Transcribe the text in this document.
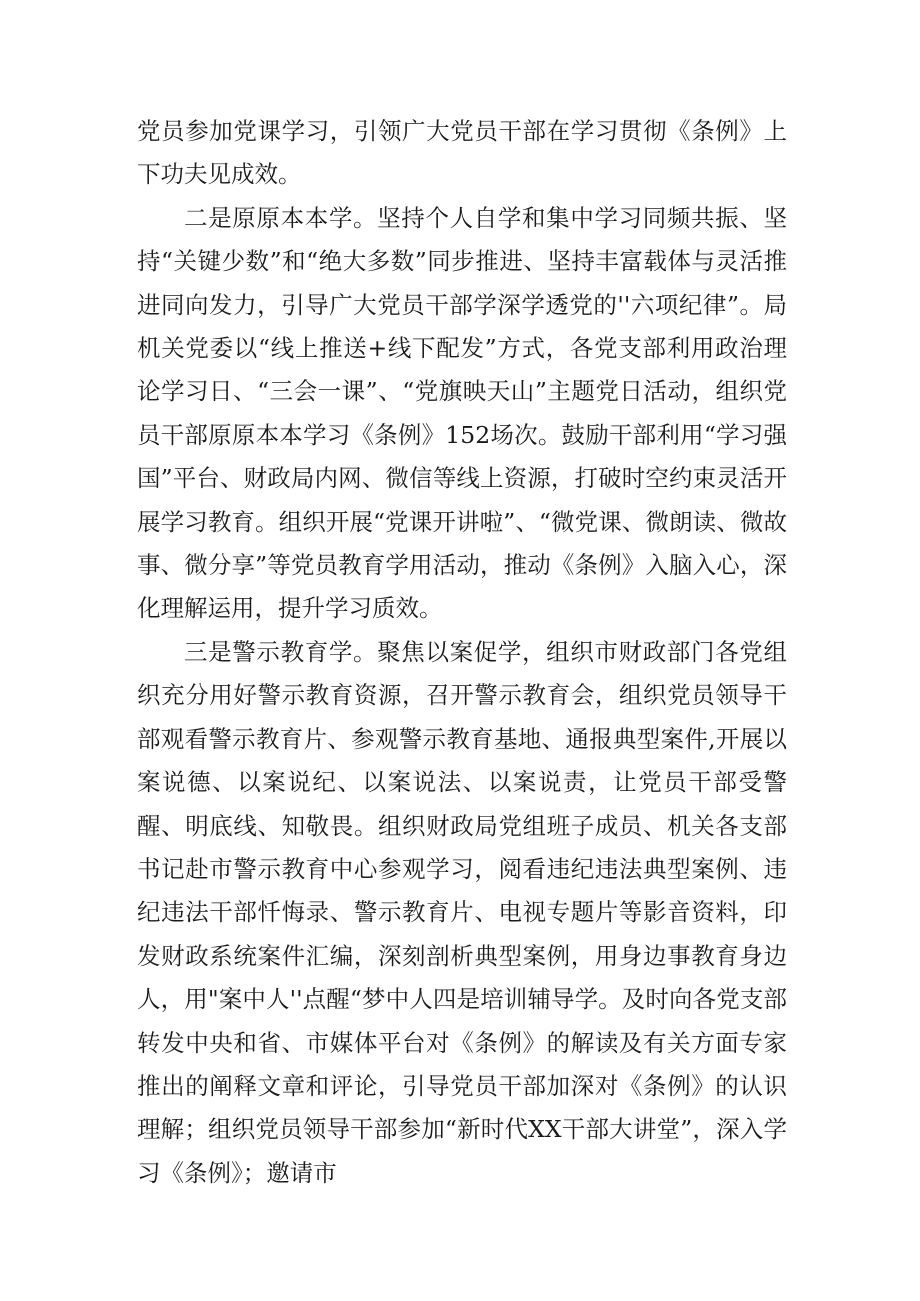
党员参加党课学习，引领广大党员干部在学习贯彻《条例》上下功夫见成效。

二是原原本本学。坚持个人自学和集中学习同频共振、坚持“关键少数”和“绝大多数”同步推进、坚持丰富载体与灵活推进同向发力，引导广大党员干部学深学透党的''六项纪律”。局机关党委以“线上推送+线下配发”方式，各党支部利用政治理论学习日、“三会一课”、“党旗映天山”主题党日活动，组织党员干部原原本本学习《条例》152场次。鼓励干部利用“学习强国”平台、财政局内网、微信等线上资源，打破时空约束灵活开展学习教育。组织开展“党课开讲啦”、“微党课、微朗读、微故事、微分享”等党员教育学用活动，推动《条例》入脑入心，深化理解运用，提升学习质效。

三是警示教育学。聚焦以案促学，组织市财政部门各党组织充分用好警示教育资源，召开警示教育会，组织党员领导干部观看警示教育片、参观警示教育基地、通报典型案件,开展以案说德、以案说纪、以案说法、以案说责，让党员干部受警醒、明底线、知敬畏。组织财政局党组班子成员、机关各支部书记赴市警示教育中心参观学习，阅看违纪违法典型案例、违纪违法干部忏悔录、警示教育片、电视专题片等影音资料，印发财政系统案件汇编，深刻剖析典型案例，用身边事教育身边人，用"案中人''点醒“梦中人四是培训辅导学。及时向各党支部转发中央和省、市媒体平台对《条例》的解读及有关方面专家推出的阐释文章和评论，引导党员干部加深对《条例》的认识理解；组织党员领导干部参加“新时代XX干部大讲堂”，深入学习《条例》；邀请市
